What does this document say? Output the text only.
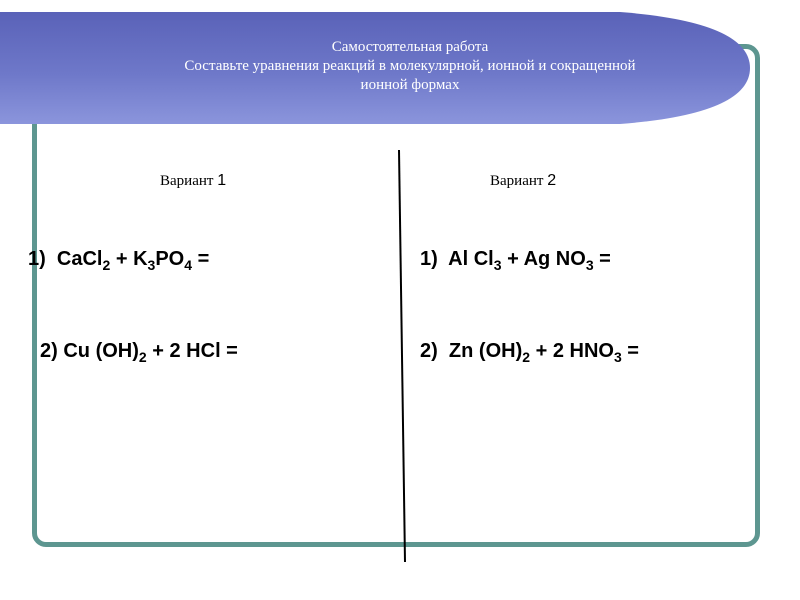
Самостоятельная работа
Составьте уравнения реакций в молекулярной, ионной и сокращенной
ионной формах
Вариант 1	Вариант 2
1) CaCl$_2$ + $K_3PO_4$ =
2) Cu $(OH)_2 + 2$ HCl =
1) Al $Cl_3 + Ag$ $NO_3$ =
2) Zn $(OH)_2 + 2$ $HNO_3$ =
